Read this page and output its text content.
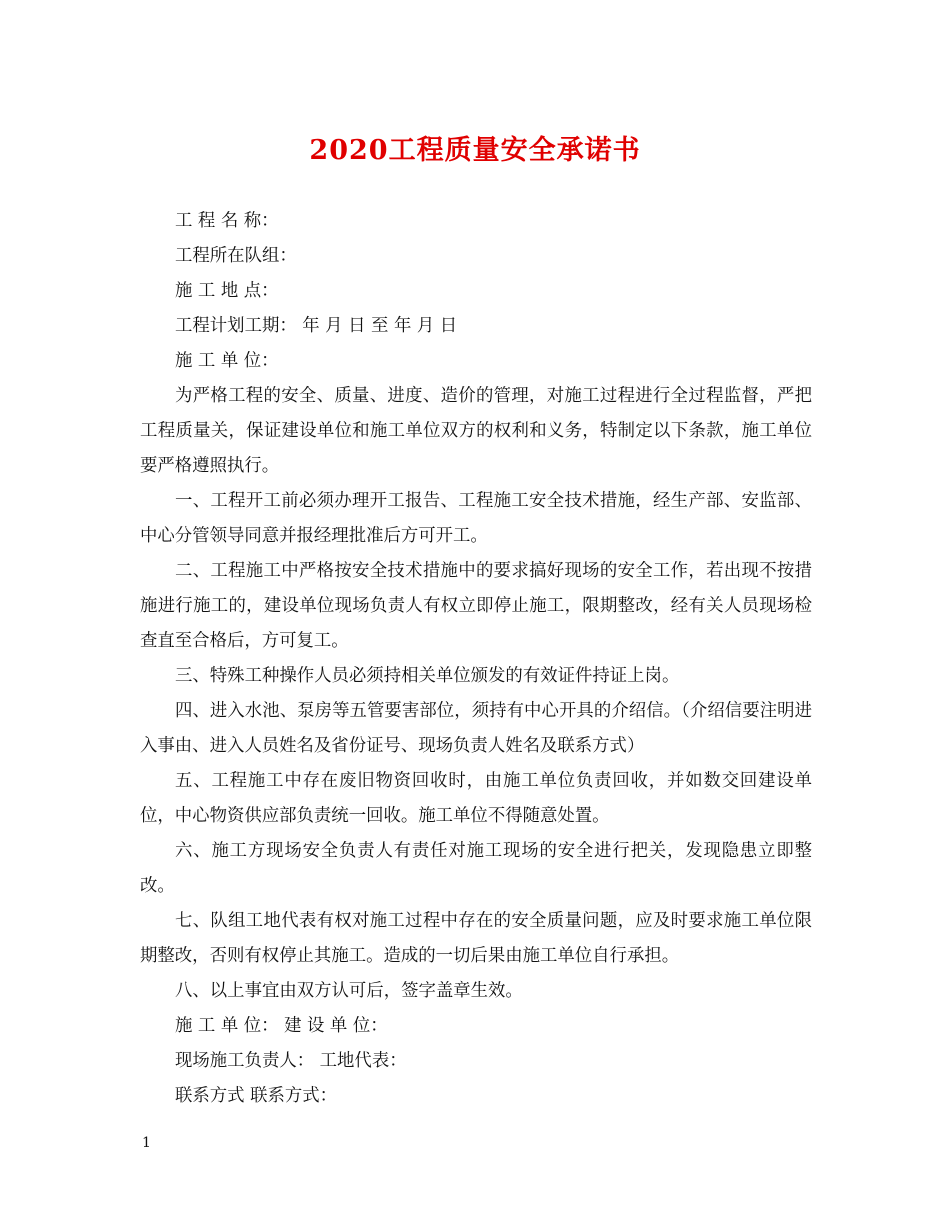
2020工程质量安全承诺书

工 程 名 称：

工程所在队组：

施 工 地 点：

工程计划工期： 年 月 日 至 年 月 日

施 工 单 位：

为严格工程的安全、质量、进度、造价的管理，对施工过程进行全过程监督，严把工程质量关，保证建设单位和施工单位双方的权利和义务，特制定以下条款，施工单位要严格遵照执行。

一、工程开工前必须办理开工报告、工程施工安全技术措施，经生产部、安监部、中心分管领导同意并报经理批准后方可开工。

二、工程施工中严格按安全技术措施中的要求搞好现场的安全工作，若出现不按措施进行施工的，建设单位现场负责人有权立即停止施工，限期整改，经有关人员现场检查直至合格后，方可复工。

三、特殊工种操作人员必须持相关单位颁发的有效证件持证上岗。

四、进入水池、泵房等五管要害部位，须持有中心开具的介绍信。（介绍信要注明进入事由、进入人员姓名及省份证号、现场负责人姓名及联系方式）

五、工程施工中存在废旧物资回收时，由施工单位负责回收，并如数交回建设单位，中心物资供应部负责统一回收。施工单位不得随意处置。

六、施工方现场安全负责人有责任对施工现场的安全进行把关，发现隐患立即整改。

七、队组工地代表有权对施工过程中存在的安全质量问题，应及时要求施工单位限期整改，否则有权停止其施工。造成的一切后果由施工单位自行承担。

八、以上事宜由双方认可后，签字盖章生效。

施 工 单 位： 建 设 单 位：

现场施工负责人： 工地代表：

联系方式 联系方式：

1
